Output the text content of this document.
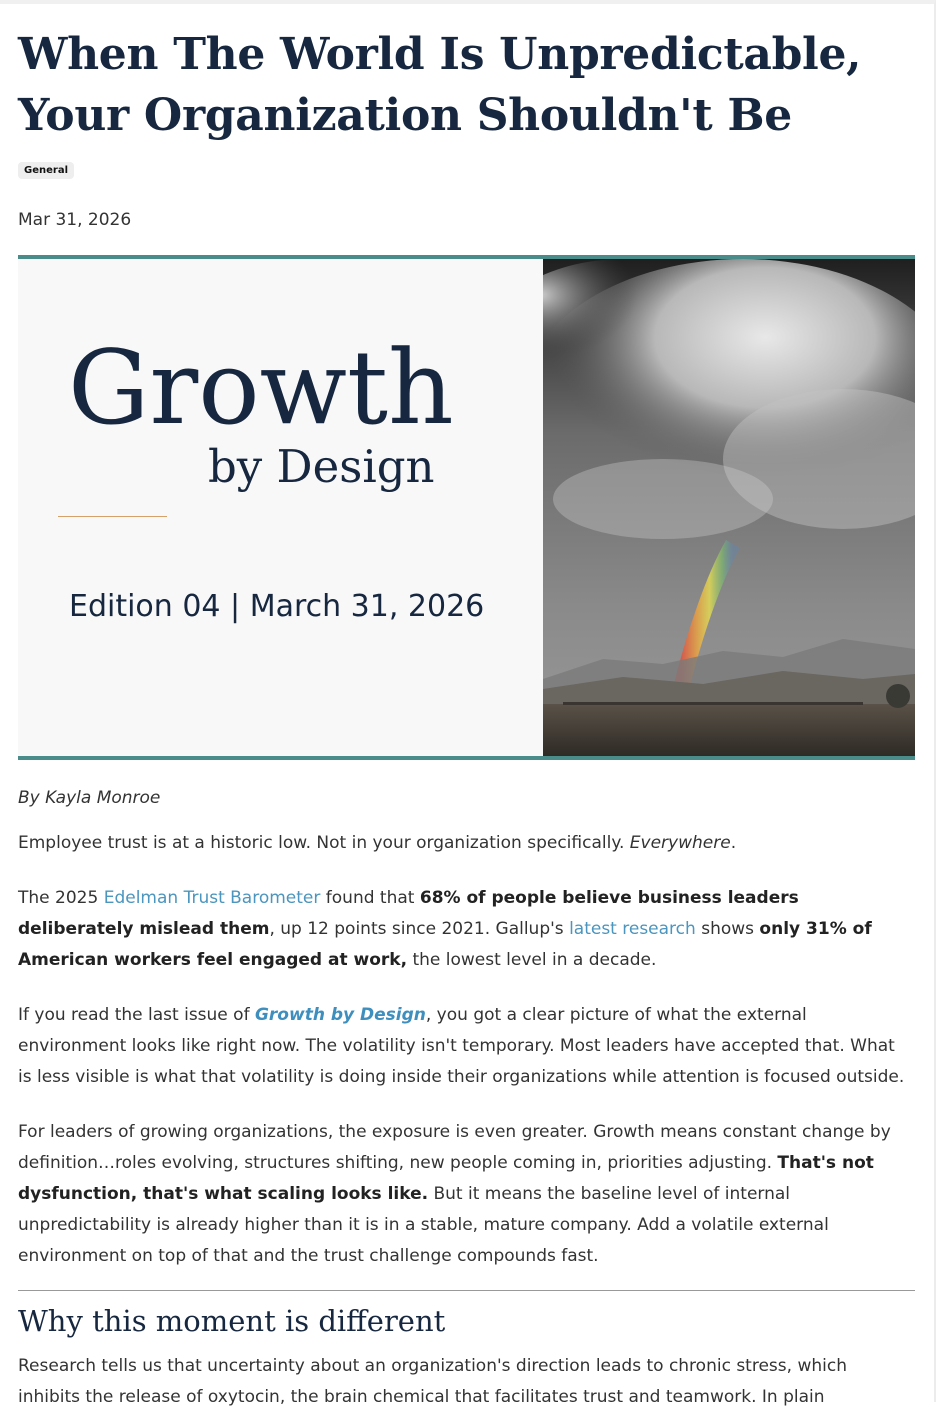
When The World Is Unpredictable, Your Organization Shouldn't Be
General
Mar 31, 2026
Growth
by Design
Edition 04 | March 31, 2026
By Kayla Monroe

Employee trust is at a historic low. Not in your organization specifically. Everywhere.

The 2025 Edelman Trust Barometer found that 68% of people believe business leaders deliberately mislead them, up 12 points since 2021. Gallup's latest research shows only 31% of American workers feel engaged at work, the lowest level in a decade.

If you read the last issue of Growth by Design, you got a clear picture of what the external environment looks like right now. The volatility isn't temporary. Most leaders have accepted that. What is less visible is what that volatility is doing inside their organizations while attention is focused outside.

For leaders of growing organizations, the exposure is even greater. Growth means constant change by definition…roles evolving, structures shifting, new people coming in, priorities adjusting. That's not dysfunction, that's what scaling looks like. But it means the baseline level of internal unpredictability is already higher than it is in a stable, mature company. Add a volatile external environment on top of that and the trust challenge compounds fast.

Why this moment is different

Research tells us that uncertainty about an organization's direction leads to chronic stress, which inhibits the release of oxytocin, the brain chemical that facilitates trust and teamwork. In plain
